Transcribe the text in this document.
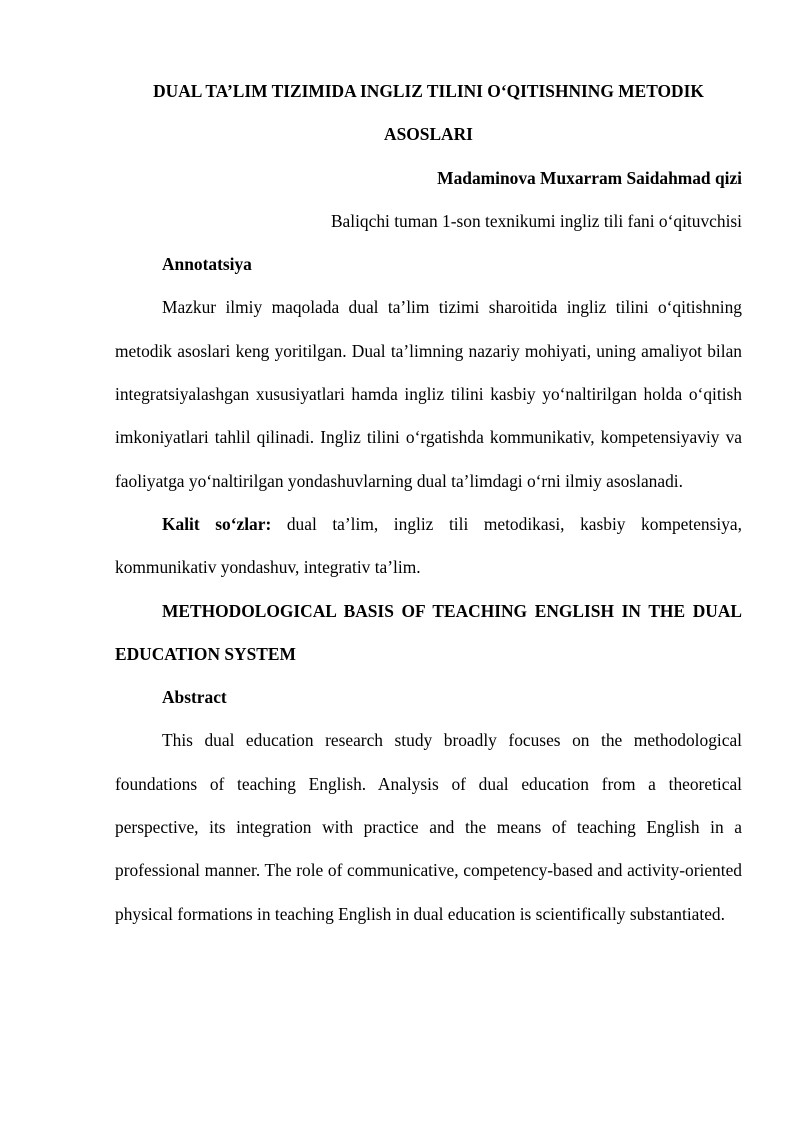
DUAL TA’LIM TIZIMIDA INGLIZ TILINI O‘QITISHNING METODIK ASOSLARI

Madaminova Muxarram Saidahmad qizi

Baliqchi tuman 1-son texnikumi ingliz tili fani o‘qituvchisi

Annotatsiya

Mazkur ilmiy maqolada dual ta’lim tizimi sharoitida ingliz tilini o‘qitishning metodik asoslari keng yoritilgan. Dual ta’limning nazariy mohiyati, uning amaliyot bilan integratsiyalashgan xususiyatlari hamda ingliz tilini kasbiy yo‘naltirilgan holda o‘qitish imkoniyatlari tahlil qilinadi. Ingliz tilini o‘rgatishda kommunikativ, kompetensiyaviy va faoliyatga yo‘naltirilgan yondashuvlarning dual ta’limdagi o‘rni ilmiy asoslanadi.

Kalit so‘zlar: dual ta’lim, ingliz tili metodikasi, kasbiy kompetensiya, kommunikativ yondashuv, integrativ ta’lim.

METHODOLOGICAL BASIS OF TEACHING ENGLISH IN THE DUAL EDUCATION SYSTEM

Abstract

This dual education research study broadly focuses on the methodological foundations of teaching English. Analysis of dual education from a theoretical perspective, its integration with practice and the means of teaching English in a professional manner. The role of communicative, competency-based and activity-oriented physical formations in teaching English in dual education is scientifically substantiated.
